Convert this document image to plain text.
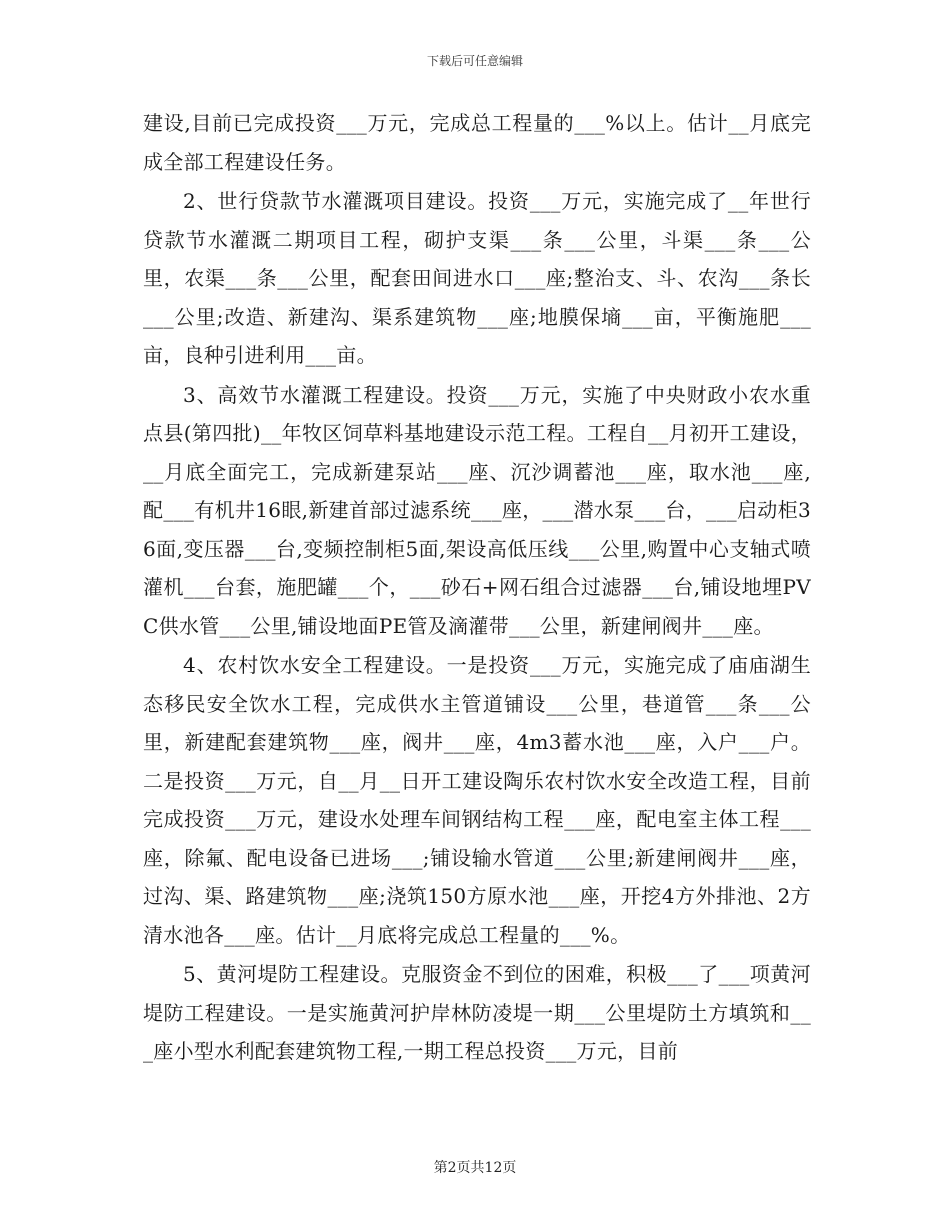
下载后可任意编辑

建设,目前已完成投资___万元，完成总工程量的___%以上。估计__月底完成全部工程建设任务。

2、世行贷款节水灌溉项目建设。投资___万元，实施完成了__年世行贷款节水灌溉二期项目工程，砌护支渠___条___公里，斗渠___条___公里，农渠___条___公里，配套田间进水口___座;整治支、斗、农沟___条长___公里;改造、新建沟、渠系建筑物___座;地膜保墒___亩，平衡施肥___亩，良种引进利用___亩。

3、高效节水灌溉工程建设。投资___万元，实施了中央财政小农水重点县(第四批)__年牧区饲草料基地建设示范工程。工程自__月初开工建设，__月底全面完工，完成新建泵站___座、沉沙调蓄池___座，取水池___座,配___有机井16眼,新建首部过滤系统___座，___潜水泵___台，___启动柜36面,变压器___台,变频控制柜5面,架设高低压线___公里,购置中心支轴式喷灌机___台套，施肥罐___个，___砂石+网石组合过滤器___台,铺设地埋PVC供水管___公里,铺设地面PE管及滴灌带___公里，新建闸阀井___座。

4、农村饮水安全工程建设。一是投资___万元，实施完成了庙庙湖生态移民安全饮水工程，完成供水主管道铺设___公里，巷道管___条___公里，新建配套建筑物___座，阀井___座，4m3蓄水池___座，入户___户。二是投资___万元，自__月__日开工建设陶乐农村饮水安全改造工程，目前完成投资___万元，建设水处理车间钢结构工程___座，配电室主体工程___座，除氟、配电设备已进场___;铺设输水管道___公里;新建闸阀井___座，过沟、渠、路建筑物___座;浇筑150方原水池___座，开挖4方外排池、2方清水池各___座。估计__月底将完成总工程量的___%。

5、黄河堤防工程建设。克服资金不到位的困难，积极___了___项黄河堤防工程建设。一是实施黄河护岸林防凌堤一期___公里堤防土方填筑和___座小型水利配套建筑物工程,一期工程总投资___万元，目前

第2页共12页
